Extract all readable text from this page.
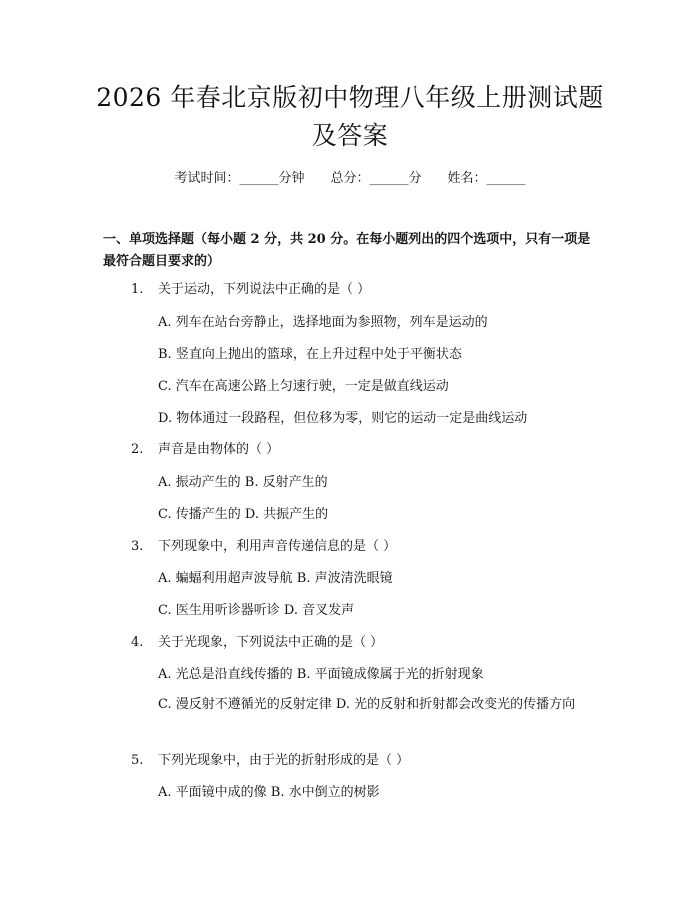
2026 年春北京版初中物理八年级上册测试题
及答案
考试时间：______分钟 总分：______分 姓名：______
一、单项选择题（每小题 2 分，共 20 分。在每小题列出的四个选项中，只有一项是最符合题目要求的）
1. 关于运动，下列说法中正确的是（ ）
A. 列车在站台旁静止，选择地面为参照物，列车是运动的
B. 竖直向上抛出的篮球，在上升过程中处于平衡状态
C. 汽车在高速公路上匀速行驶，一定是做直线运动
D. 物体通过一段路程，但位移为零，则它的运动一定是曲线运动
2. 声音是由物体的（ ）
A. 振动产生的 B. 反射产生的
C. 传播产生的 D. 共振产生的
3. 下列现象中，利用声音传递信息的是（ ）
A. 蝙蝠利用超声波导航 B. 声波清洗眼镜
C. 医生用听诊器听诊 D. 音叉发声
4. 关于光现象，下列说法中正确的是（ ）
A. 光总是沿直线传播的 B. 平面镜成像属于光的折射现象
C. 漫反射不遵循光的反射定律 D. 光的反射和折射都会改变光的传播方向
5. 下列光现象中，由于光的折射形成的是（ ）
A. 平面镜中成的像 B. 水中倒立的树影
